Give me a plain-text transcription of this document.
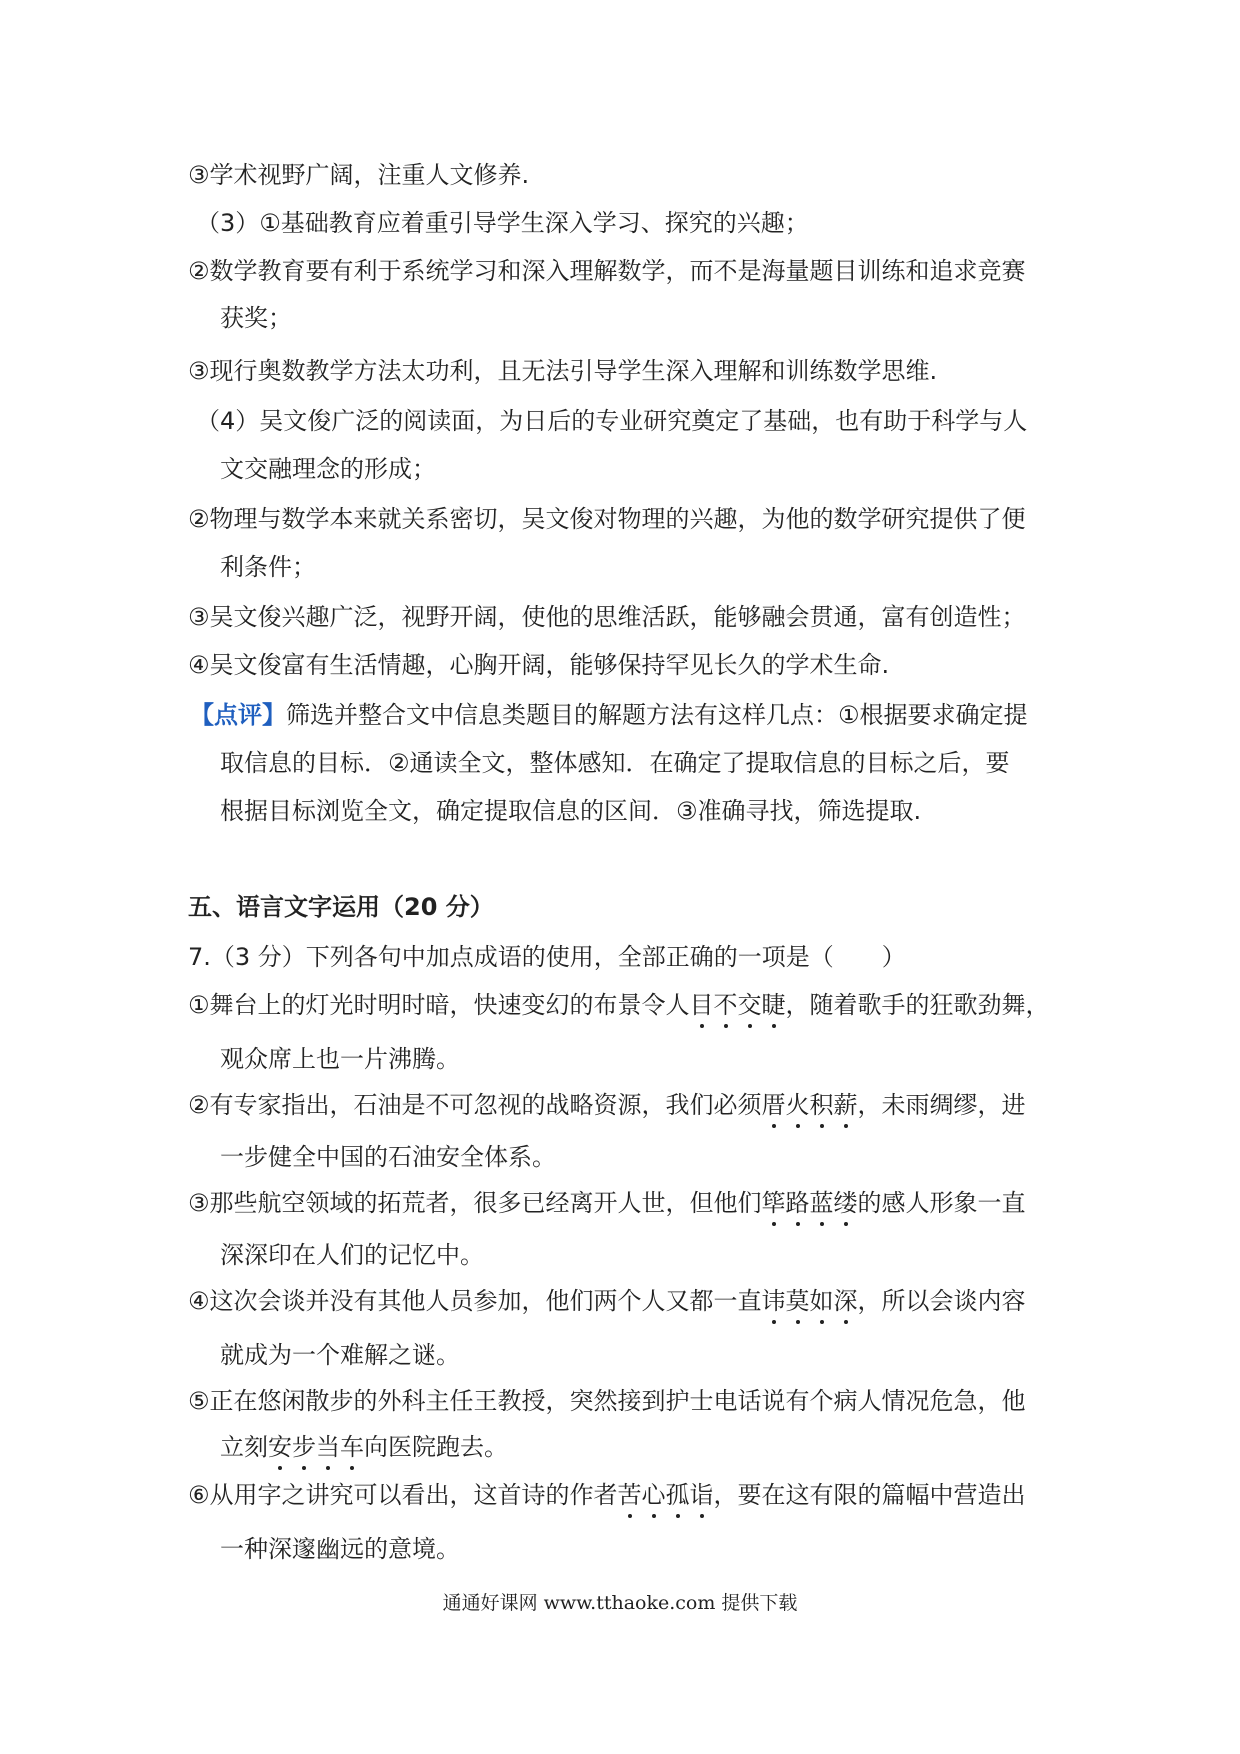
③学术视野广阔，注重人文修养.
（3）①基础教育应着重引导学生深入学习、探究的兴趣；
②数学教育要有利于系统学习和深入理解数学，而不是海量题目训练和追求竞赛
获奖；
③现行奥数教学方法太功利，且无法引导学生深入理解和训练数学思维.
（4）吴文俊广泛的阅读面，为日后的专业研究奠定了基础，也有助于科学与人
文交融理念的形成；
②物理与数学本来就关系密切，吴文俊对物理的兴趣，为他的数学研究提供了便
利条件；
③吴文俊兴趣广泛，视野开阔，使他的思维活跃，能够融会贯通，富有创造性；
④吴文俊富有生活情趣，心胸开阔，能够保持罕见长久的学术生命.
【点评】筛选并整合文中信息类题目的解题方法有这样几点：①根据要求确定提
取信息的目标．②通读全文，整体感知．在确定了提取信息的目标之后，要
根据目标浏览全文，确定提取信息的区间．③准确寻找，筛选提取.
五、语言文字运用（20 分）
7.（3 分）下列各句中加点成语的使用，全部正确的一项是（　　）
①舞台上的灯光时明时暗，快速变幻的布景令人目不交睫，随着歌手的狂歌劲舞，
观众席上也一片沸腾。
②有专家指出，石油是不可忽视的战略资源，我们必须厝火积薪，未雨绸缪，进
一步健全中国的石油安全体系。
③那些航空领域的拓荒者，很多已经离开人世，但他们筚路蓝缕的感人形象一直
深深印在人们的记忆中。
④这次会谈并没有其他人员参加，他们两个人又都一直讳莫如深，所以会谈内容
就成为一个难解之谜。
⑤正在悠闲散步的外科主任王教授，突然接到护士电话说有个病人情况危急，他
立刻安步当车向医院跑去。
⑥从用字之讲究可以看出，这首诗的作者苦心孤诣，要在这有限的篇幅中营造出
一种深邃幽远的意境。
通通好课网 www.tthaoke.com 提供下载
